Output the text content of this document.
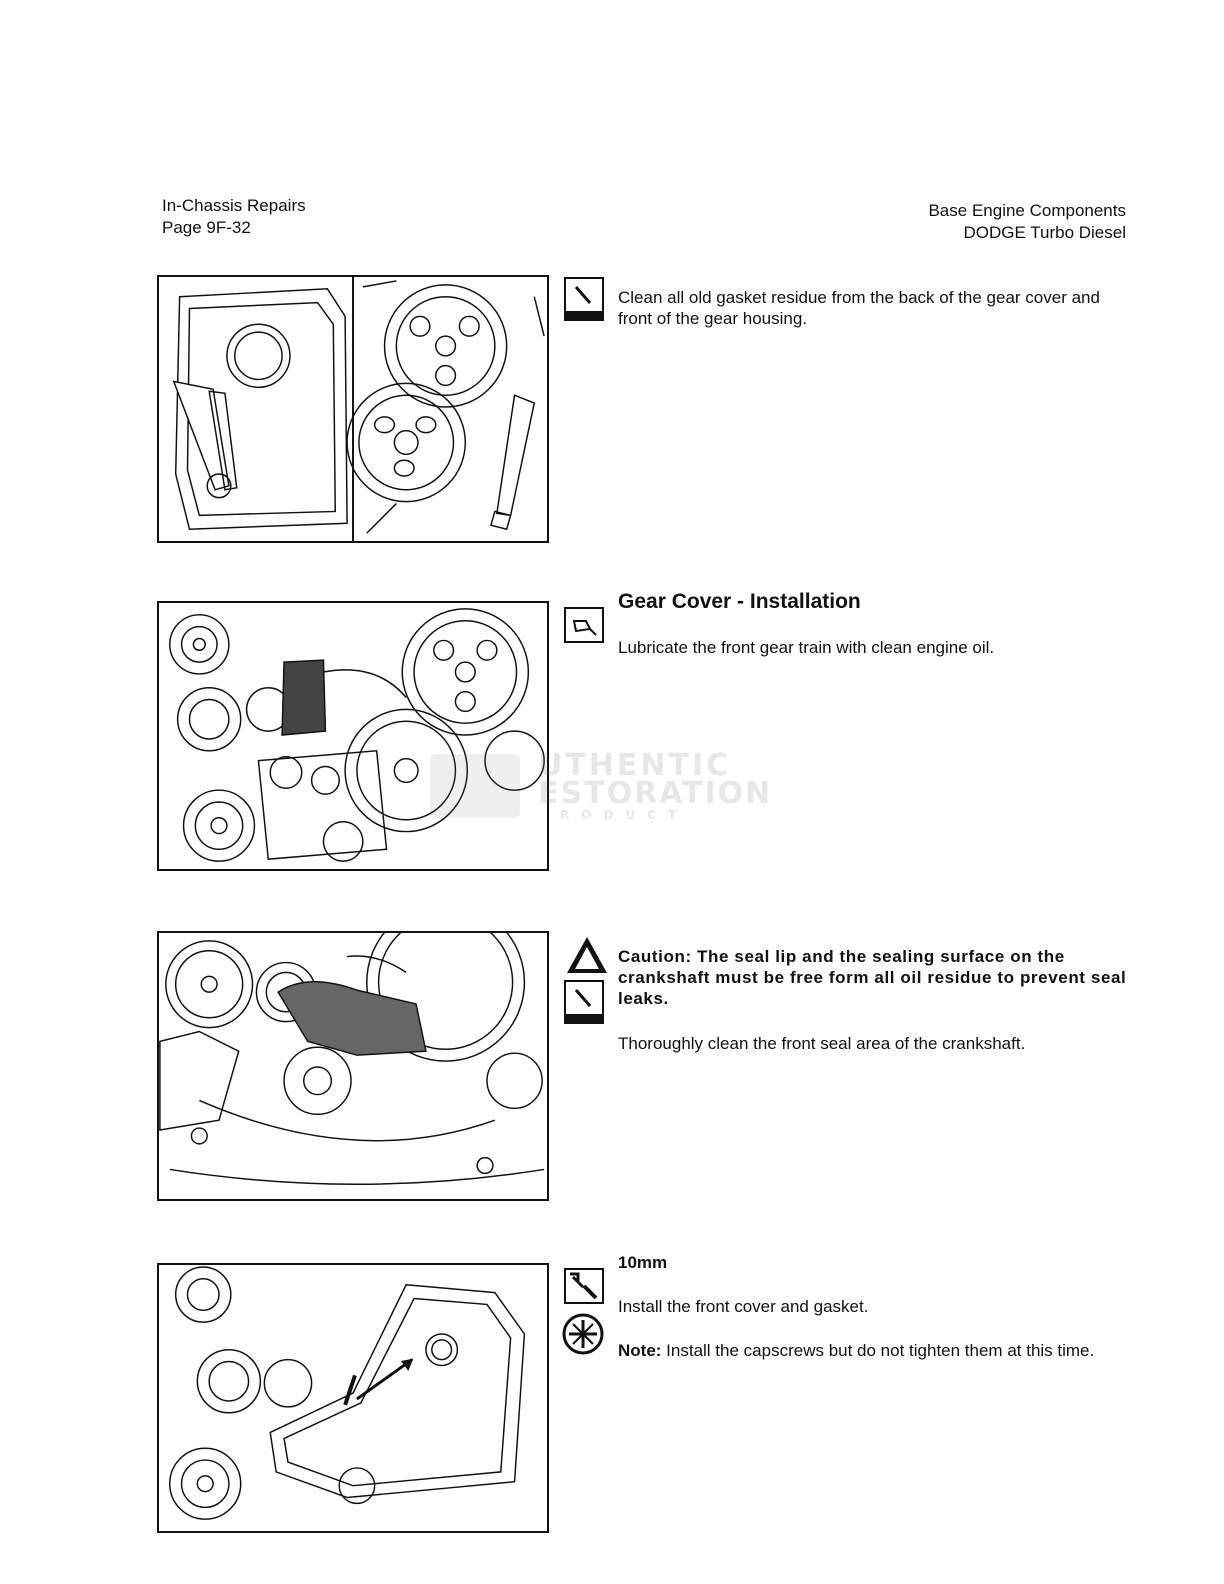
In-Chassis Repairs
Page 9F-32
Base Engine Components
DODGE Turbo Diesel
Clean all old gasket residue from the back of the gear cover and front of the gear housing.
Gear Cover - Installation
Lubricate the front gear train with clean engine oil.
UTHENTIC
ESTORATION
RODUCT
Caution: The seal lip and the sealing surface on the crankshaft must be free form all oil residue to prevent seal leaks.
Thoroughly clean the front seal area of the crankshaft.
10mm
Install the front cover and gasket.
Note: Install the capscrews but do not tighten them at this time.
